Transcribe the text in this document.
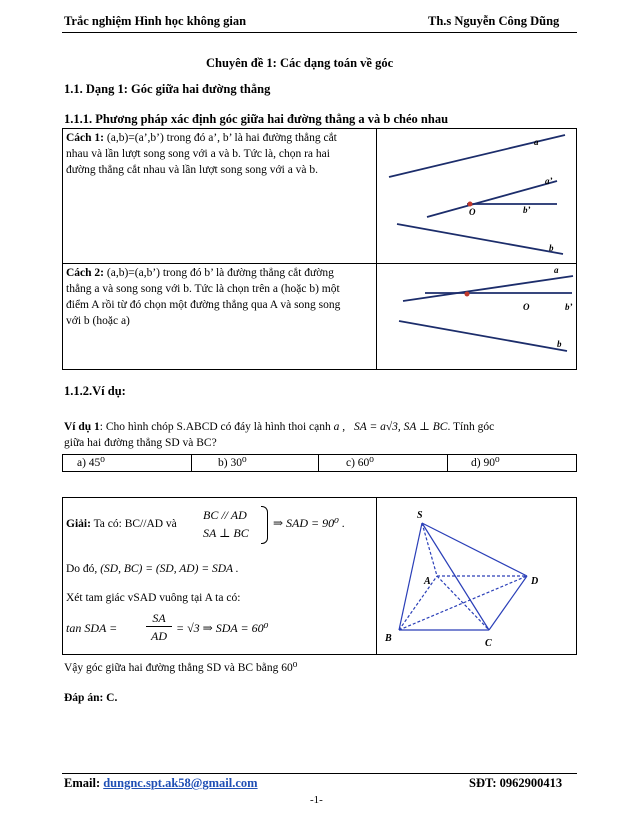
Trắc nghiệm Hình học không gian	Th.s Nguyễn Công Dũng
Chuyên đề 1: Các dạng toán về góc
1.1. Dạng 1: Góc giữa hai đường thẳng
1.1.1. Phương pháp xác định góc giữa hai đường thẳng a và b chéo nhau
Cách 1: (a,b)=(a’,b’) trong đó a’, b’ là hai đường thẳng cắt
nhau và lần lượt song song với a và b. Tức là, chọn ra hai
đường thẳng cắt nhau và lần lượt song song với a và b.
a
a’
b’
O
b
Cách 2: (a,b)=(a,b’) trong đó b’ là đường thẳng cắt đường
thẳng a và song song với b. Tức là chọn trên a (hoặc b) một
điểm A rồi từ đó chọn một đường thẳng qua A và song song
với b (hoặc a)
a
O	b’
b
1.1.2.Ví dụ:
Ví dụ 1: Cho hình chóp S.ABCD có đáy là hình thoi cạnh a , SA = a√3, SA ⊥ BC. Tính góc
giữa hai đường thẳng SD và BC?
a) 45⁰	b) 30⁰	c) 60⁰	d) 90⁰
Giải: Ta có: BC//AD và
BC // AD
SA ⊥ BC
⇒ SAD = 90⁰ .
Do đó, (SD, BC) = (SD, AD) = SDA .
Xét tam giác vSAD vuông tại A ta có:
tan SDA =
SA
AD
= √3 ⇒ SDA = 60⁰
S
A	D
B	C
Vậy góc giữa hai đường thẳng SD và BC bằng 60⁰
Đáp án: C.
Email: dungnc.spt.ak58@gmail.com	SĐT: 0962900413
-1-
